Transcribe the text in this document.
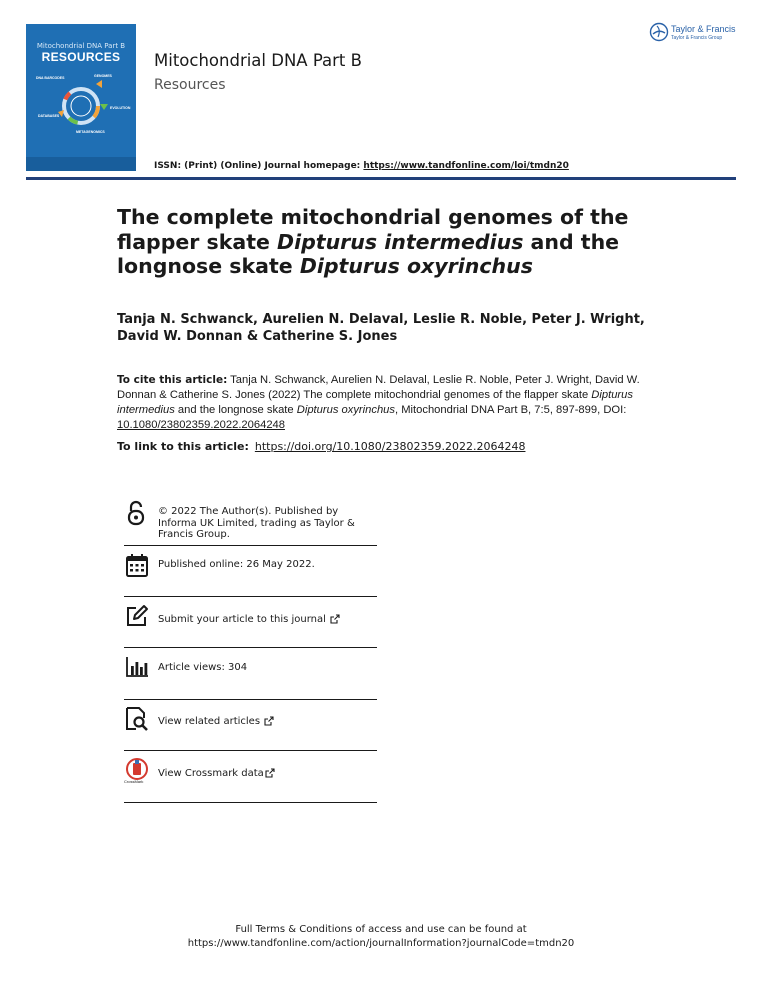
Mitochondrial DNA Part B
RESOURCES
DNA BARCODES	GENOMES
EVOLUTION
DATABASES
METAGENOMICS
Mitochondrial DNA Part B
Resources
ISSN: (Print) (Online) Journal homepage: https://www.tandfonline.com/loi/tmdn20
Taylor & Francis
Taylor & Francis Group
The complete mitochondrial genomes of the flapper skate Dipturus intermedius and the longnose skate Dipturus oxyrinchus
Tanja N. Schwanck, Aurelien N. Delaval, Leslie R. Noble, Peter J. Wright, David W. Donnan & Catherine S. Jones
To cite this article: Tanja N. Schwanck, Aurelien N. Delaval, Leslie R. Noble, Peter J. Wright, David W. Donnan & Catherine S. Jones (2022) The complete mitochondrial genomes of the flapper skate Dipturus intermedius and the longnose skate Dipturus oxyrinchus, Mitochondrial DNA Part B, 7:5, 897-899, DOI: 10.1080/23802359.2022.2064248
To link to this article: https://doi.org/10.1080/23802359.2022.2064248
© 2022 The Author(s). Published by Informa UK Limited, trading as Taylor & Francis Group.
Published online: 26 May 2022.
Submit your article to this journal
Article views: 304
View related articles
CrossMark
View Crossmark data
Full Terms & Conditions of access and use can be found at
https://www.tandfonline.com/action/journalInformation?journalCode=tmdn20
